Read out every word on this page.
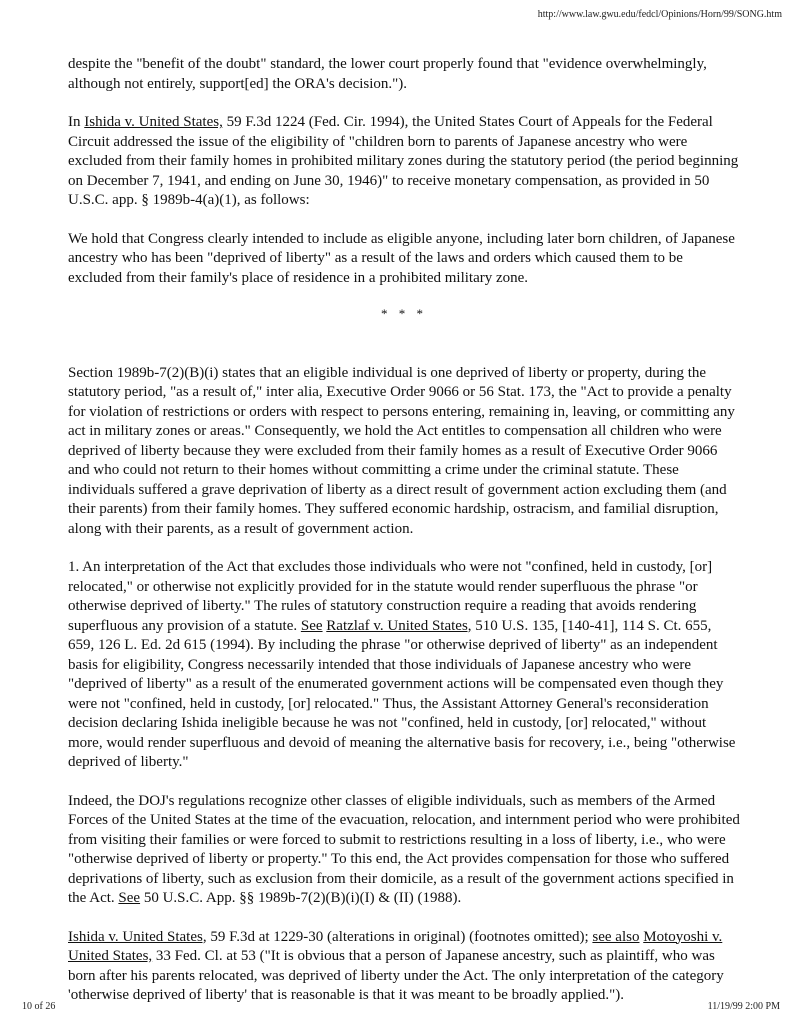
http://www.law.gwu.edu/fedcl/Opinions/Horn/99/SONG.htm

despite the "benefit of the doubt" standard, the lower court properly found that "evidence overwhelmingly, although not entirely, support[ed] the ORA's decision.").

In Ishida v. United States, 59 F.3d 1224 (Fed. Cir. 1994), the United States Court of Appeals for the Federal Circuit addressed the issue of the eligibility of "children born to parents of Japanese ancestry who were excluded from their family homes in prohibited military zones during the statutory period (the period beginning on December 7, 1941, and ending on June 30, 1946)" to receive monetary compensation, as provided in 50 U.S.C. app. § 1989b-4(a)(1), as follows:

We hold that Congress clearly intended to include as eligible anyone, including later born children, of Japanese ancestry who has been "deprived of liberty" as a result of the laws and orders which caused them to be excluded from their family's place of residence in a prohibited military zone.

* * *

Section 1989b-7(2)(B)(i) states that an eligible individual is one deprived of liberty or property, during the statutory period, "as a result of," inter alia, Executive Order 9066 or 56 Stat. 173, the "Act to provide a penalty for violation of restrictions or orders with respect to persons entering, remaining in, leaving, or committing any act in military zones or areas." Consequently, we hold the Act entitles to compensation all children who were deprived of liberty because they were excluded from their family homes as a result of Executive Order 9066 and who could not return to their homes without committing a crime under the criminal statute. These individuals suffered a grave deprivation of liberty as a direct result of government action excluding them (and their parents) from their family homes. They suffered economic hardship, ostracism, and familial disruption, along with their parents, as a result of government action.

1. An interpretation of the Act that excludes those individuals who were not "confined, held in custody, [or] relocated," or otherwise not explicitly provided for in the statute would render superfluous the phrase "or otherwise deprived of liberty." The rules of statutory construction require a reading that avoids rendering superfluous any provision of a statute. See Ratzlaf v. United States, 510 U.S. 135, [140-41], 114 S. Ct. 655, 659, 126 L. Ed. 2d 615 (1994). By including the phrase "or otherwise deprived of liberty" as an independent basis for eligibility, Congress necessarily intended that those individuals of Japanese ancestry who were "deprived of liberty" as a result of the enumerated government actions will be compensated even though they were not "confined, held in custody, [or] relocated." Thus, the Assistant Attorney General's reconsideration decision declaring Ishida ineligible because he was not "confined, held in custody, [or] relocated," without more, would render superfluous and devoid of meaning the alternative basis for recovery, i.e., being "otherwise deprived of liberty."

Indeed, the DOJ's regulations recognize other classes of eligible individuals, such as members of the Armed Forces of the United States at the time of the evacuation, relocation, and internment period who were prohibited from visiting their families or were forced to submit to restrictions resulting in a loss of liberty, i.e., who were "otherwise deprived of liberty or property." To this end, the Act provides compensation for those who suffered deprivations of liberty, such as exclusion from their domicile, as a result of the government actions specified in the Act. See 50 U.S.C. App. §§ 1989b-7(2)(B)(i)(I) & (II) (1988).

Ishida v. United States, 59 F.3d at 1229-30 (alterations in original) (footnotes omitted); see also Motoyoshi v. United States, 33 Fed. Cl. at 53 ("It is obvious that a person of Japanese ancestry, such as plaintiff, who was born after his parents relocated, was deprived of liberty under the Act. The only interpretation of the category 'otherwise deprived of liberty' that is reasonable is that it was meant to be broadly applied.").

10 of 26	11/19/99 2:00 PM
